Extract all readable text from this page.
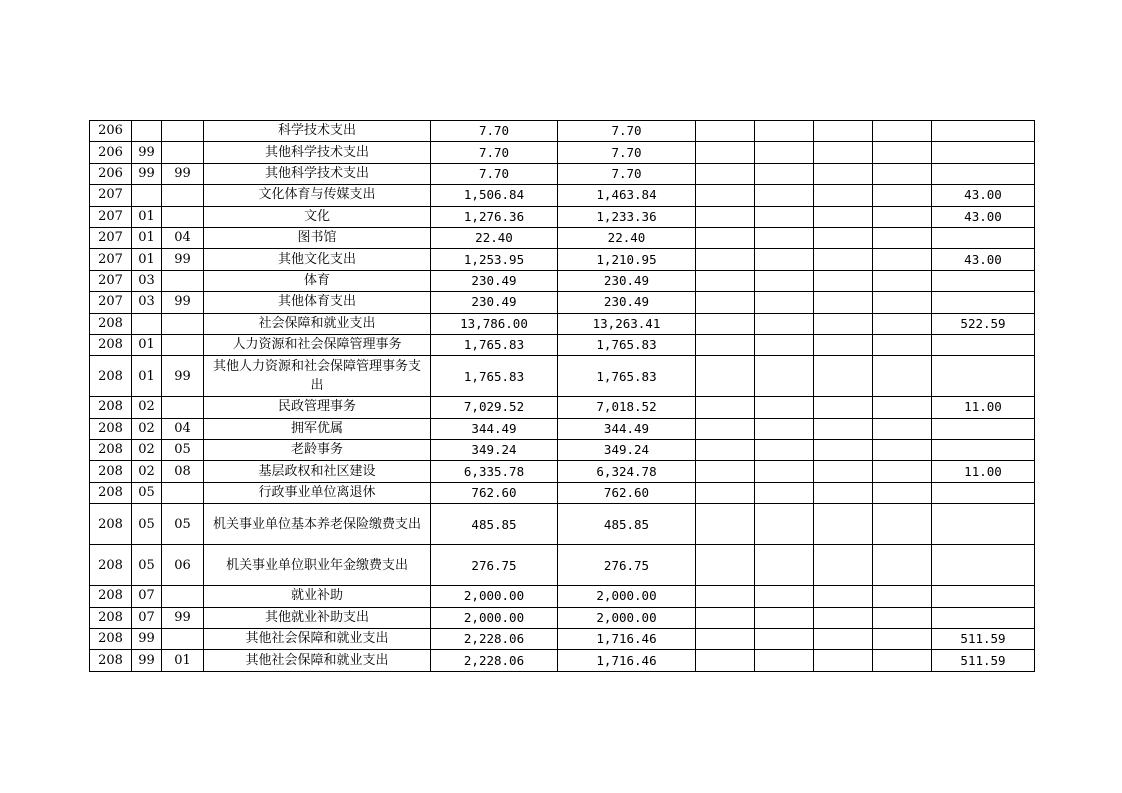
206			科学技术支出	7.70	7.70					
206	99		其他科学技术支出	7.70	7.70					
206	99	99	其他科学技术支出	7.70	7.70					
207			文化体育与传媒支出	1,506.84	1,463.84					43.00
207	01		文化	1,276.36	1,233.36					43.00
207	01	04	图书馆	22.40	22.40					
207	01	99	其他文化支出	1,253.95	1,210.95					43.00
207	03		体育	230.49	230.49					
207	03	99	其他体育支出	230.49	230.49					
208			社会保障和就业支出	13,786.00	13,263.41					522.59
208	01		人力资源和社会保障管理事务	1,765.83	1,765.83					
208	01	99	其他人力资源和社会保障管理事务支出	1,765.83	1,765.83					
208	02		民政管理事务	7,029.52	7,018.52					11.00
208	02	04	拥军优属	344.49	344.49					
208	02	05	老龄事务	349.24	349.24					
208	02	08	基层政权和社区建设	6,335.78	6,324.78					11.00
208	05		行政事业单位离退休	762.60	762.60					
208	05	05	机关事业单位基本养老保险缴费支出	485.85	485.85					
208	05	06	机关事业单位职业年金缴费支出	276.75	276.75					
208	07		就业补助	2,000.00	2,000.00					
208	07	99	其他就业补助支出	2,000.00	2,000.00					
208	99		其他社会保障和就业支出	2,228.06	1,716.46					511.59
208	99	01	其他社会保障和就业支出	2,228.06	1,716.46					511.59
